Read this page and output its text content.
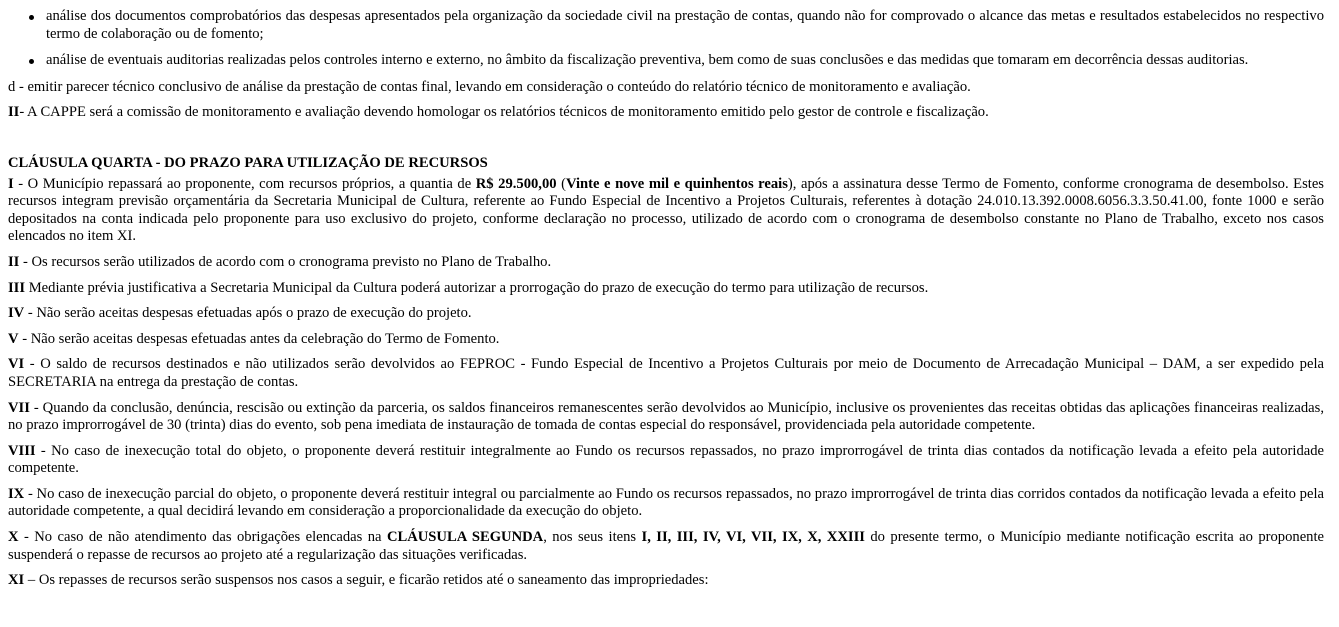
análise dos documentos comprobatórios das despesas apresentados pela organização da sociedade civil na prestação de contas, quando não for comprovado o alcance das metas e resultados estabelecidos no respectivo termo de colaboração ou de fomento;
análise de eventuais auditorias realizadas pelos controles interno e externo, no âmbito da fiscalização preventiva, bem como de suas conclusões e das medidas que tomaram em decorrência dessas auditorias.

d - emitir parecer técnico conclusivo de análise da prestação de contas final, levando em consideração o conteúdo do relatório técnico de monitoramento e avaliação.

II- A CAPPE será a comissão de monitoramento e avaliação devendo homologar os relatórios técnicos de monitoramento emitido pelo gestor de controle e fiscalização.

CLÁUSULA QUARTA - DO PRAZO PARA UTILIZAÇÃO DE RECURSOS

I - O Município repassará ao proponente, com recursos próprios, a quantia de R$ 29.500,00 (Vinte e nove mil e quinhentos reais), após a assinatura desse Termo de Fomento, conforme cronograma de desembolso. Estes recursos integram previsão orçamentária da Secretaria Municipal de Cultura, referente ao Fundo Especial de Incentivo a Projetos Culturais, referentes à dotação 24.010.13.392.0008.6056.3.3.50.41.00, fonte 1000 e serão depositados na conta indicada pelo proponente para uso exclusivo do projeto, conforme declaração no processo, utilizado de acordo com o cronograma de desembolso constante no Plano de Trabalho, exceto nos casos elencados no item XI.

II - Os recursos serão utilizados de acordo com o cronograma previsto no Plano de Trabalho.

III Mediante prévia justificativa a Secretaria Municipal da Cultura poderá autorizar a prorrogação do prazo de execução do termo para utilização de recursos.

IV - Não serão aceitas despesas efetuadas após o prazo de execução do projeto.

V - Não serão aceitas despesas efetuadas antes da celebração do Termo de Fomento.

VI - O saldo de recursos destinados e não utilizados serão devolvidos ao FEPROC - Fundo Especial de Incentivo a Projetos Culturais por meio de Documento de Arrecadação Municipal – DAM, a ser expedido pela SECRETARIA na entrega da prestação de contas.

VII - Quando da conclusão, denúncia, rescisão ou extinção da parceria, os saldos financeiros remanescentes serão devolvidos ao Município, inclusive os provenientes das receitas obtidas das aplicações financeiras realizadas, no prazo improrrogável de 30 (trinta) dias do evento, sob pena imediata de instauração de tomada de contas especial do responsável, providenciada pela autoridade competente.

VIII - No caso de inexecução total do objeto, o proponente deverá restituir integralmente ao Fundo os recursos repassados, no prazo improrrogável de trinta dias contados da notificação levada a efeito pela autoridade competente.

IX - No caso de inexecução parcial do objeto, o proponente deverá restituir integral ou parcialmente ao Fundo os recursos repassados, no prazo improrrogável de trinta dias corridos contados da notificação levada a efeito pela autoridade competente, a qual decidirá levando em consideração a proporcionalidade da execução do objeto.

X - No caso de não atendimento das obrigações elencadas na CLÁUSULA SEGUNDA, nos seus itens I, II, III, IV, VI, VII, IX, X, XXIII do presente termo, o Município mediante notificação escrita ao proponente suspenderá o repasse de recursos ao projeto até a regularização das situações verificadas.

XI – Os repasses de recursos serão suspensos nos casos a seguir, e ficarão retidos até o saneamento das impropriedades:
